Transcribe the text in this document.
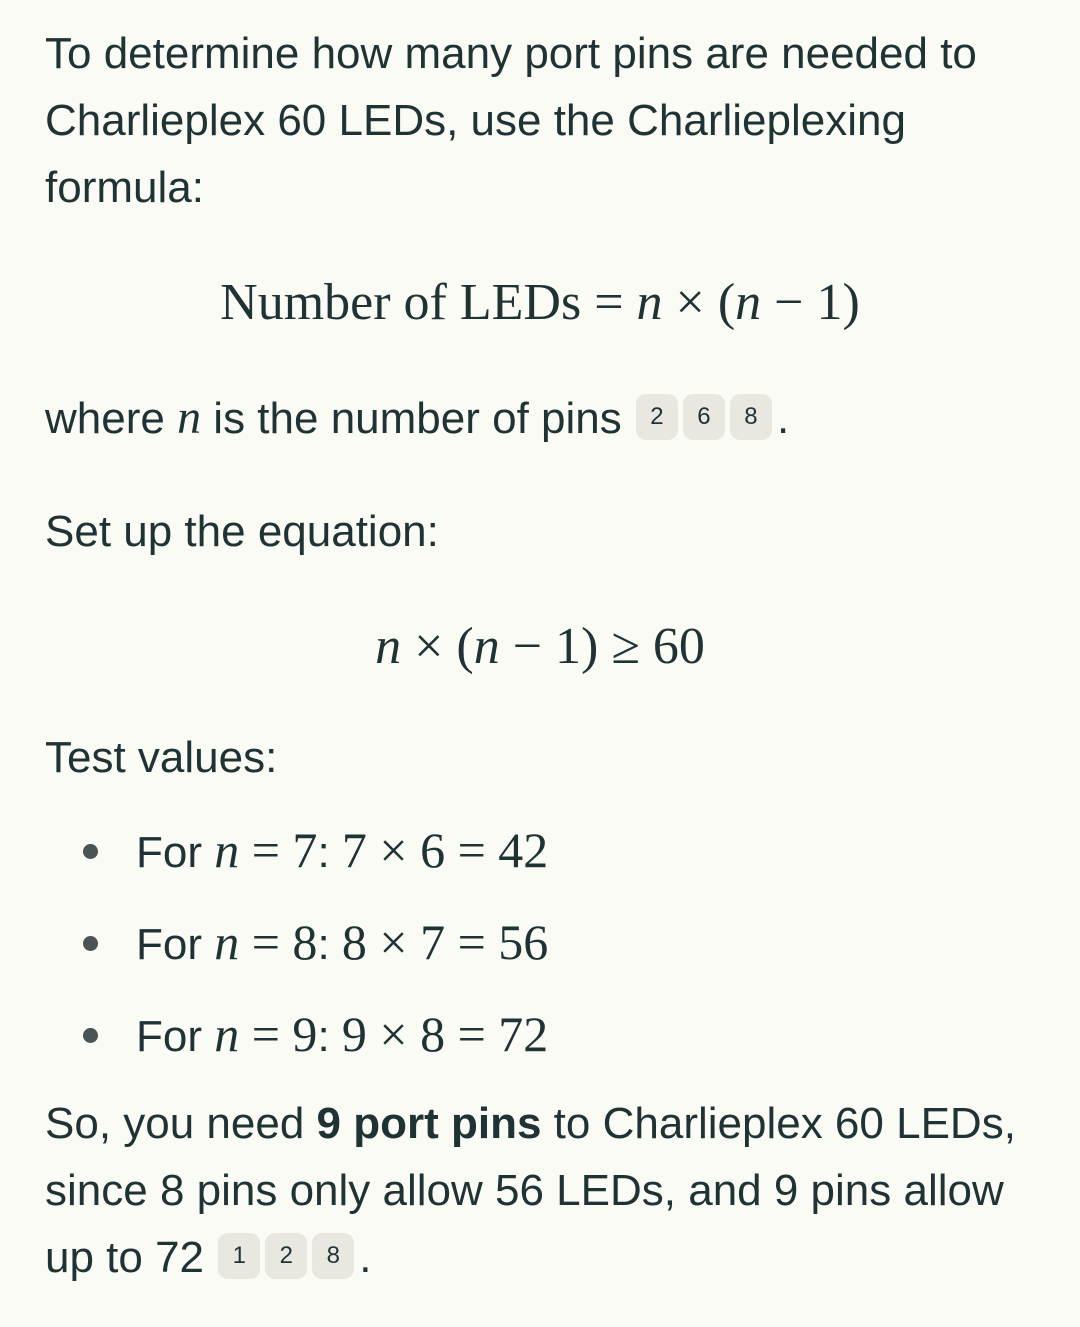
To determine how many port pins are needed to Charlieplex 60 LEDs, use the Charlieplexing formula:

Number of LEDs = n × (n − 1)

where n is the number of pins 2 6 8 .

Set up the equation:

n × (n − 1) ≥ 60

Test values:

For n = 7: 7 × 6 = 42
For n = 8: 8 × 7 = 56
For n = 9: 9 × 8 = 72

So, you need 9 port pins to Charlieplex 60 LEDs, since 8 pins only allow 56 LEDs, and 9 pins allow up to 72 1 2 8 .
